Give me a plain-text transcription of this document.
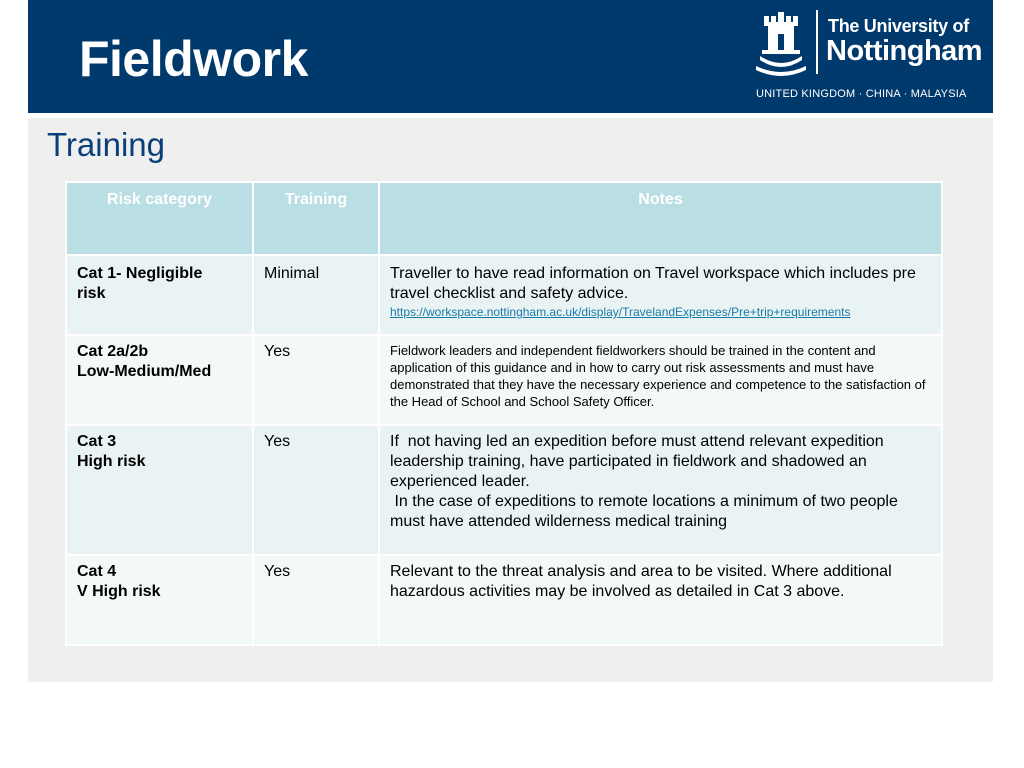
Fieldwork
The University of
Nottingham
UNITED KINGDOM · CHINA · MALAYSIA
Training
Risk category	Training	Notes

Cat 1- Negligible
risk	Minimal	Traveller to have read information on Travel workspace which includes pre travel checklist and safety advice.
https://workspace.nottingham.ac.uk/display/TravelandExpenses/Pre+trip+requirements

Cat 2a/2b
Low-Medium/Med	Yes	Fieldwork leaders and independent fieldworkers should be trained in the content and application of this guidance and in how to carry out risk assessments and must have demonstrated that they have the necessary experience and competence to the satisfaction of the Head of School and School Safety Officer.

Cat 3
High risk	Yes	If  not having led an expedition before must attend relevant expedition leadership training, have participated in fieldwork and shadowed an experienced leader.
In the case of expeditions to remote locations a minimum of two people must have attended wilderness medical training

Cat 4
V High risk	Yes	Relevant to the threat analysis and area to be visited. Where additional hazardous activities may be involved as detailed in Cat 3 above.
